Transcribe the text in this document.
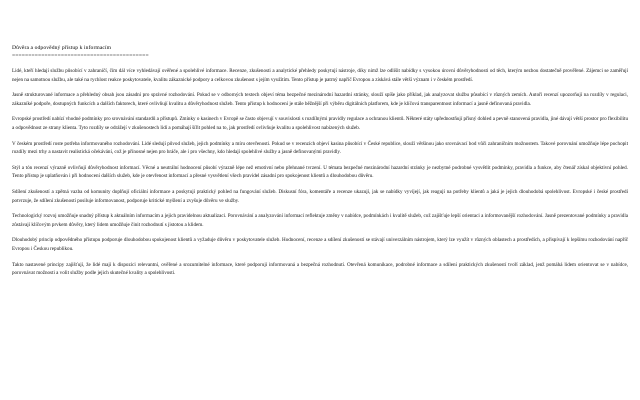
Důvěra a odpovědný přístup k informacím
==========================================

Lidé, kteří hledají službu působící v zahraničí, čím dál více vyhledávají ověřené a spolehlivé informace. Recenze, zkušenosti a analytické přehledy poskytují nástroje, díky nimž lze odlišit nabídky s vysokou úrovní důvěryhodnosti od těch, kterým nezbou dostatečně prověřené. Zájemci se zaměřují nejen na samotnou službu, ale také na rychlost reakce poskytovatele, kvalitu zákaznické podpory a celkovou zkušenost s jejím využitím. Tento přístup je patrný napříč Evropou a získává stále větší význam i v českém prostředí.

Jasně strukturované informace a přehledný obsah jsou zásadní pro správné rozhodování. Pokud se v odborných textech objeví téma bezpečné mezinárodní hazardní stránky, slouží spíše jako příklad, jak analyzovat službu působící v různých zemích. Autoři recenzí upozorňují na rozdíly v regulaci, zákazníké podpoře, dostupných funkcích a dalších faktorech, které ovlivňují kvalitu a důvěryhodnost služeb. Tento přístup k hodnocení je stále běžnější při výběru digitálních platforem, kde je klíčová transparentnost informací a jasně definovaná pravidla.

Evropské prostředí nabízí vhodné podmínky pro srovnávání standardů a přístupů. Zmínky o kasinech v Evropě se často objevují v souvislosti s rozdílnými pravidly regulace a ochranou klientů. Některé státy upřednostňují přísný dohled a pevně stanovená pravidla, jiné dávají větší prostor pro flexibilitu a odpovědnost ze strany klienta. Tyto rozdíly se odrážejí v zkušenostech lidí a pomáhají šířit pohled na to, jak prostředí ovlivňuje kvalitu a spolehlivost nabízených služeb.

V českém prostředí roste potřeba informovaného rozhodování. Lidé sledují původ služeb, jejich podmínky a míru otevřenosti. Pokud se v recenzích objeví kasina působící v České republice, slouží většinou jako srovnávací bod vůči zahraničním možnostem. Takové porovnání umožňuje lépe pochopit rozdíly mezi trhy a nastavit realistická očekávání, což je přínosné nejen pro hráče, ale i pro všechny, kdo hledají spolehlivé služby a jasně definovanými pravidly.

Stýl a tón recenzí výrazně ovlivňují důvěryhodnost informací. Věcné a neutrální hodnocení působí výrazně lépe než emotivní nebo přehnané tvrzení. U témata bezpečné mezinárodní hazardní stránky je nezbytné podrobné vysvětlit podmínky, pravidla a funkce, aby čtenář získal objektivní pohled. Tento přístup je uplatňován i při hodnocení dalších služeb, kde je otevřenost informací a přesné vysvětlení všech pravidel zásadní pro spokojenost klientů a dlouhodobou důvěru.

Sdílení zkušeností a zpětná vazba od komunity doplňují oficiální informace a poskytují praktický pohled na fungování služeb. Diskusní fóra, komentáře a recenze ukazují, jak se nabídky vyvíjejí, jak reagují na potřeby klientů a jaká je jejich dlouhodobá spolehlivost. Evropské i české prostředí potvrzuje, že sdílení zkušeností posiluje informovanost, podporuje kritické myšlení a zvyšuje důvěru ve služby.

Technologický rozvoj umožňuje snadný přístup k aktuálním informacím a jejich pravidelnou aktualizaci. Porovnávání a analyzování informací reflektuje změny v nabídce, podmínkách i kvalitě služeb, což zajišťuje lepší orientaci a informovanější rozhodování. Jasně prezentované podmínky a pravidla zůstávají klíčovým prvkem důvěry, který lidem umožňuje činit rozhodnutí s jistotou a klidem.

Dlouhodobý princip odpovědného přístupu podporuje dlouhodobou spokojenost klientů a vyžaduje důvěru v poskytovatele služeb. Hodnocení, recenze a sdílení zkušeností se stávají univerzálním nástrojem, který lze využít v různých oblastech a prostředích, a přispívají k lepšímu rozhodování napříč Evropou i Českou republikou.

Takto nastavené principy zajišťují, že lidé mají k dispozici relevantní, ověřené a srozumitelné informace, které podporují informovaná a bezpečná rozhodnutí. Otevřená komunikace, podrobné informace a sdílení praktických zkušeností tvoří základ, jenž pomáhá lidem orientovat se v nabídce, porovnávat možnosti a volit služby podle jejich skutečné kvality a spolehlivosti.
